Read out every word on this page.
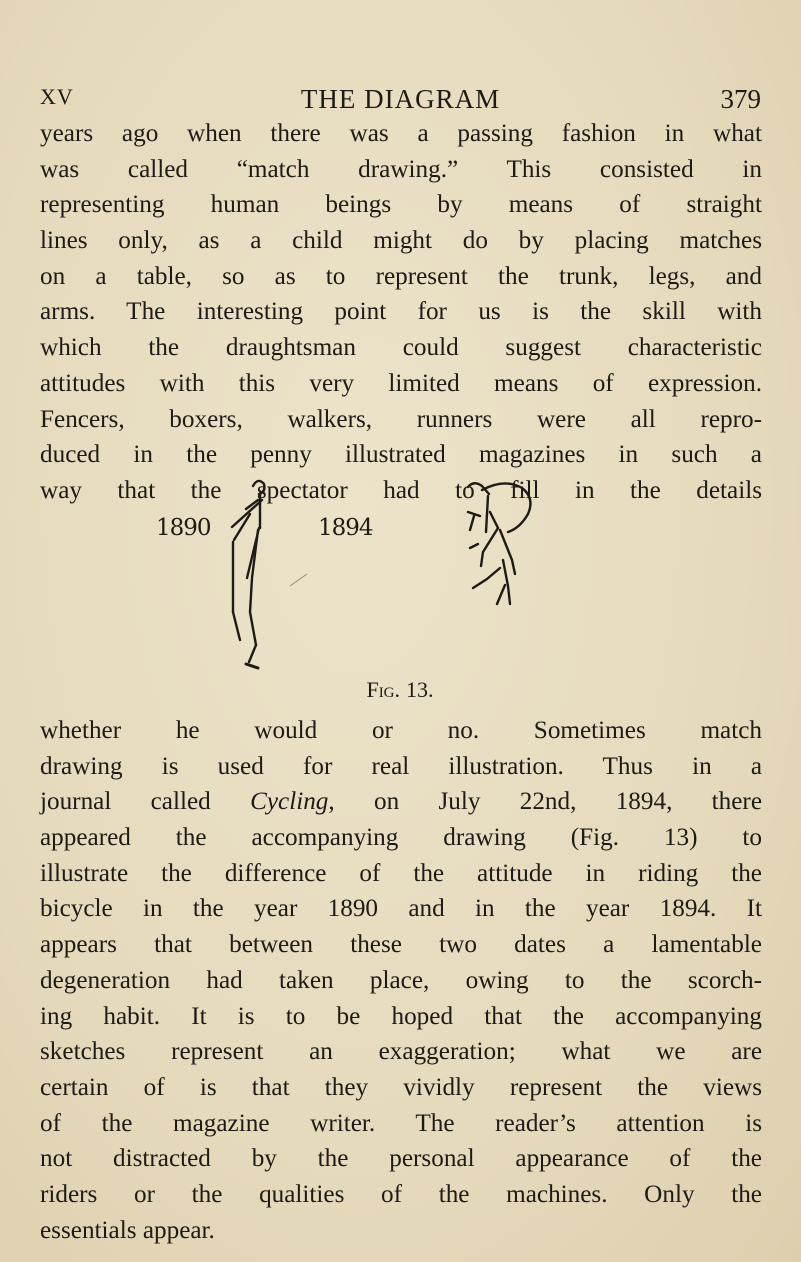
XV	THE DIAGRAM	379
years ago when there was a passing fashion in what
was called “match drawing.” This consisted in
representing human beings by means of straight
lines only, as a child might do by placing matches
on a table, so as to represent the trunk, legs, and
arms. The interesting point for us is the skill with
which the draughtsman could suggest characteristic
attitudes with this very limited means of expression.
Fencers, boxers, walkers, runners were all repro-
duced in the penny illustrated magazines in such a
way that the spectator had to fill in the details
1890	1894
Fig. 13.
whether he would or no. Sometimes match
drawing is used for real illustration. Thus in a
journal called Cycling, on July 22nd, 1894, there
appeared the accompanying drawing (Fig. 13) to
illustrate the difference of the attitude in riding the
bicycle in the year 1890 and in the year 1894. It
appears that between these two dates a lamentable
degeneration had taken place, owing to the scorch-
ing habit. It is to be hoped that the accompanying
sketches represent an exaggeration; what we are
certain of is that they vividly represent the views
of the magazine writer. The reader’s attention is
not distracted by the personal appearance of the
riders or the qualities of the machines. Only the
essentials appear.
